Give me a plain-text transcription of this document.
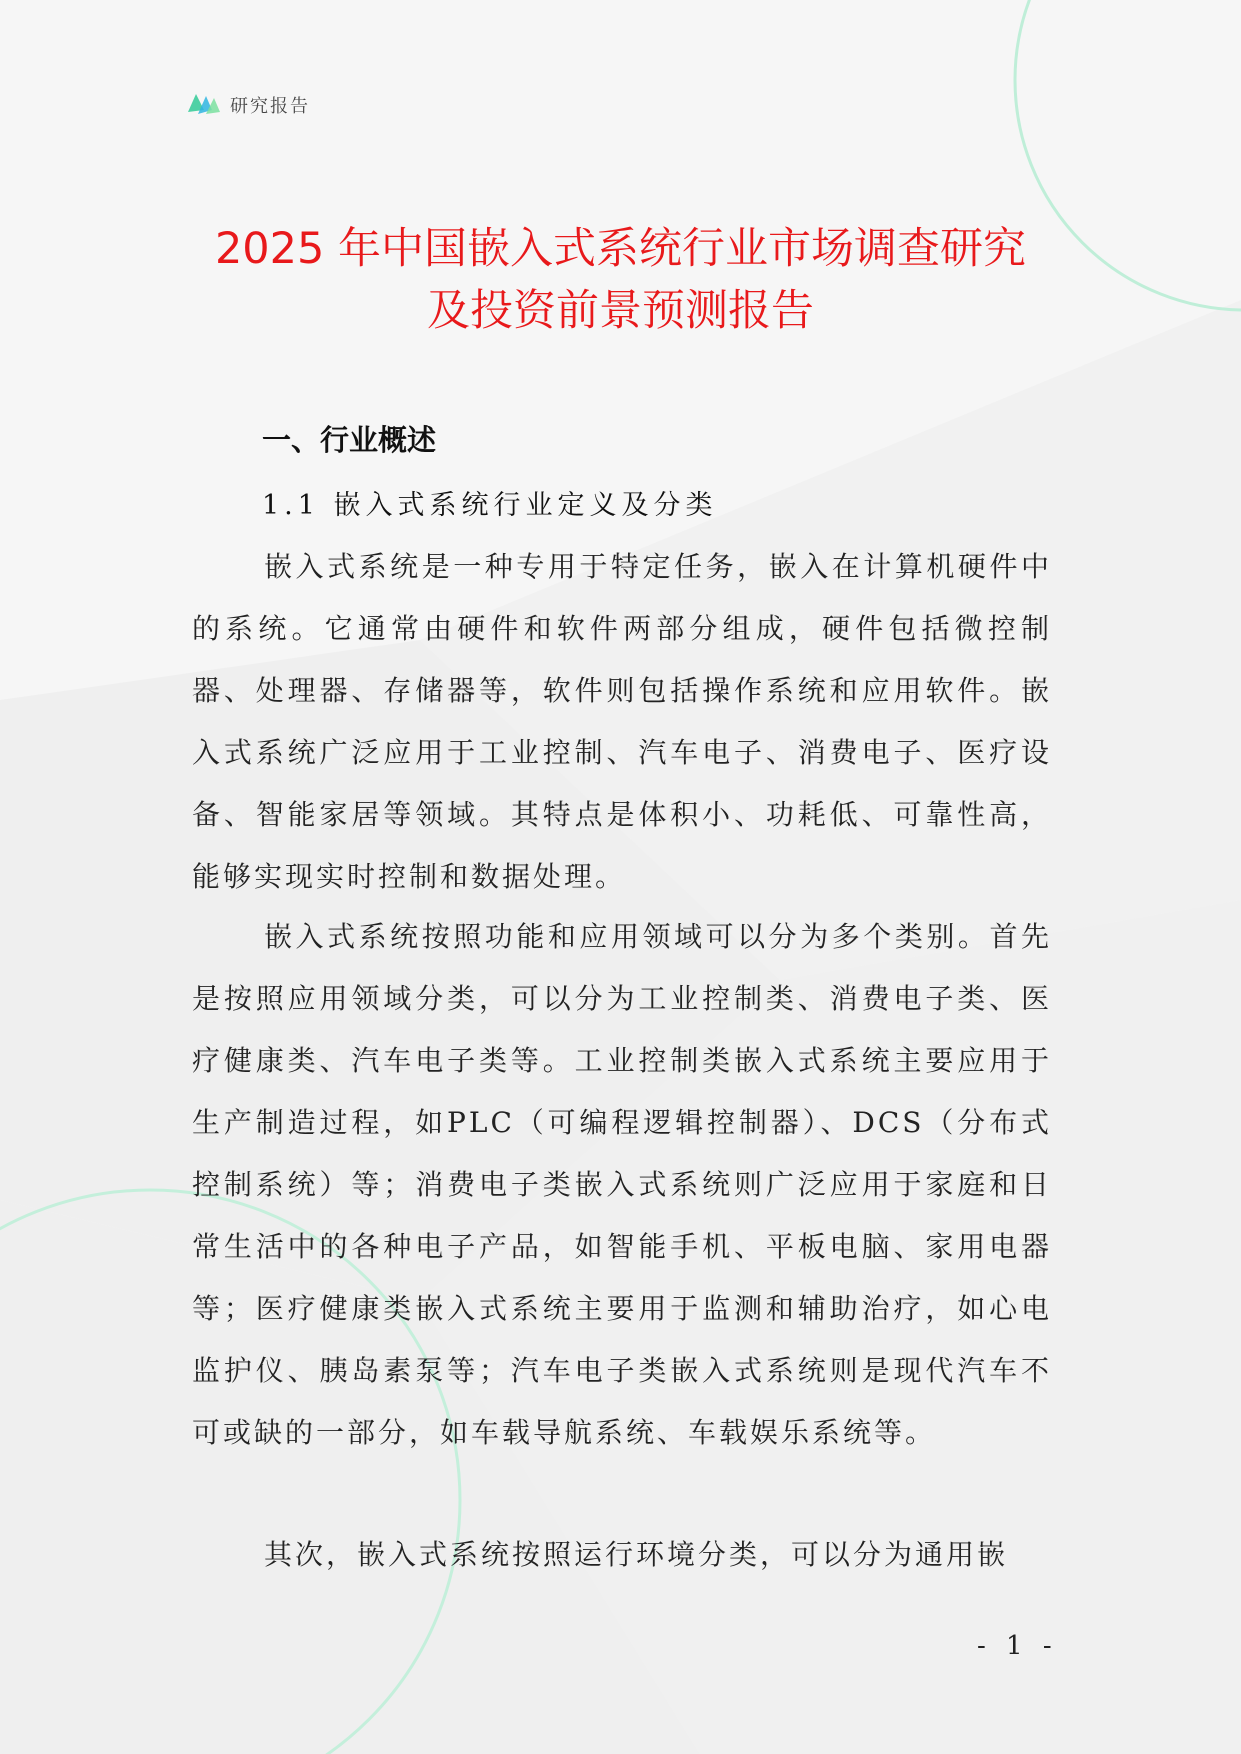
研究报告
2025 年中国嵌入式系统行业市场调查研究
及投资前景预测报告
一、行业概述
1.1 嵌入式系统行业定义及分类

嵌入式系统是一种专用于特定任务，嵌入在计算机硬件中的系统。它通常由硬件和软件两部分组成，硬件包括微控制器、处理器、存储器等，软件则包括操作系统和应用软件。嵌入式系统广泛应用于工业控制、汽车电子、消费电子、医疗设备、智能家居等领域。其特点是体积小、功耗低、可靠性高，能够实现实时控制和数据处理。

嵌入式系统按照功能和应用领域可以分为多个类别。首先是按照应用领域分类，可以分为工业控制类、消费电子类、医疗健康类、汽车电子类等。工业控制类嵌入式系统主要应用于生产制造过程，如PLC（可编程逻辑控制器）、DCS（分布式控制系统）等；消费电子类嵌入式系统则广泛应用于家庭和日常生活中的各种电子产品，如智能手机、平板电脑、家用电器等；医疗健康类嵌入式系统主要用于监测和辅助治疗，如心电监护仪、胰岛素泵等；汽车电子类嵌入式系统则是现代汽车不可或缺的一部分，如车载导航系统、车载娱乐系统等。

其次，嵌入式系统按照运行环境分类，可以分为通用嵌

- 1 -
